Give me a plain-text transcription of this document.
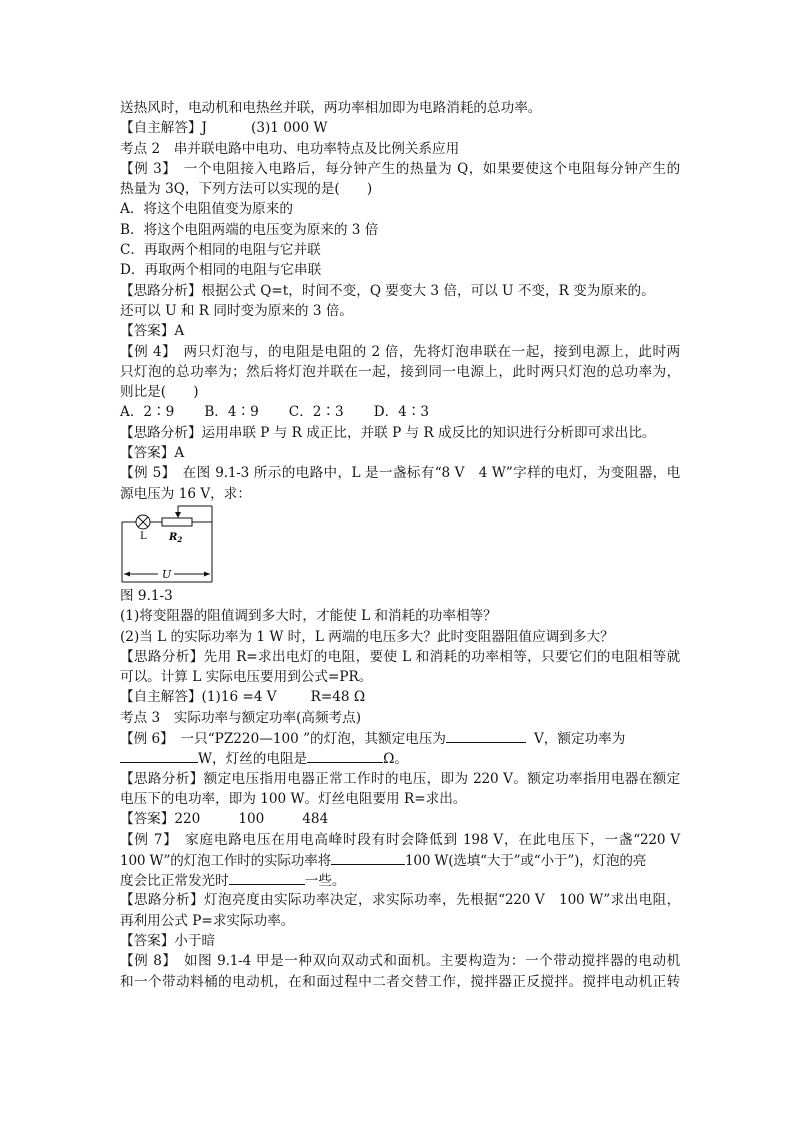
送热风时，电动机和电热丝并联，两功率相加即为电路消耗的总功率。
【自主解答】J	(3)1 000 W
考点 2　串并联电路中电功、电功率特点及比例关系应用
【例 3】　一个电阻接入电路后，每分钟产生的热量为 Q，如果要使这个电阻每分钟产生的
热量为 3Q，下列方法可以实现的是(　　)
A．将这个电阻值变为原来的
B．将这个电阻两端的电压变为原来的 3 倍
C．再取两个相同的电阻与它并联
D．再取两个相同的电阻与它串联
【思路分析】根据公式 Q=t，时间不变，Q 要变大 3 倍，可以 U 不变，R 变为原来的。
还可以 U 和 R 同时变为原来的 3 倍。
【答案】A
【例 4】　两只灯泡与，的电阻是电阻的 2 倍，先将灯泡串联在一起，接到电源上，此时两
只灯泡的总功率为；然后将灯泡并联在一起，接到同一电源上，此时两只灯泡的总功率为，
则比是(　　)
A．2∶9 B．4∶9 C．2∶3 D．4∶3
【思路分析】运用串联 P 与 R 成正比，并联 P 与 R 成反比的知识进行分析即可求出比。
【答案】A
【例 5】　在图 9.1-3 所示的电路中，L 是一盏标有“8 V　4 W”字样的电灯，为变阻器，电
源电压为 16 V，求：
L $R_2$
U
图 9.1-3
(1)将变阻器的阻值调到多大时，才能使 L 和消耗的功率相等？
(2)当 L 的实际功率为 1 W 时，L 两端的电压多大？此时变阻器阻值应调到多大？
【思路分析】先用 R=求出电灯的电阻，要使 L 和消耗的功率相等，只要它们的电阻相等就
可以。计算 L 实际电压要用到公式=PR。
【自主解答】(1)16 =4 V	R=48 Ω
考点 3　实际功率与额定功率(高频考点)
【例 6】　一只“PZ220—100 ”的灯泡，其额定电压为	V，额定功率为
W，灯丝的电阻是	Ω。
【思路分析】额定电压指用电器正常工作时的电压，即为 220 V。额定功率指用电器在额定
电压下的电功率，即为 100 W。灯丝电阻要用 R=求出。
【答案】220	100	484
【例 7】　家庭电路电压在用电高峰时段有时会降低到 198 V，在此电压下，一盏“220 V
100 W”的灯泡工作时的实际功率将	100 W(选填“大于”或“小于”)，灯泡的亮
度会比正常发光时	一些。
【思路分析】灯泡亮度由实际功率决定，求实际功率，先根据“220 V　100 W”求出电阻，
再利用公式 P=求实际功率。
【答案】小于暗
【例 8】　如图 9.1-4 甲是一种双向双动式和面机。主要构造为：一个带动搅拌器的电动机
和一个带动料桶的电动机，在和面过程中二者交替工作，搅拌器正反搅拌。搅拌电动机正转
